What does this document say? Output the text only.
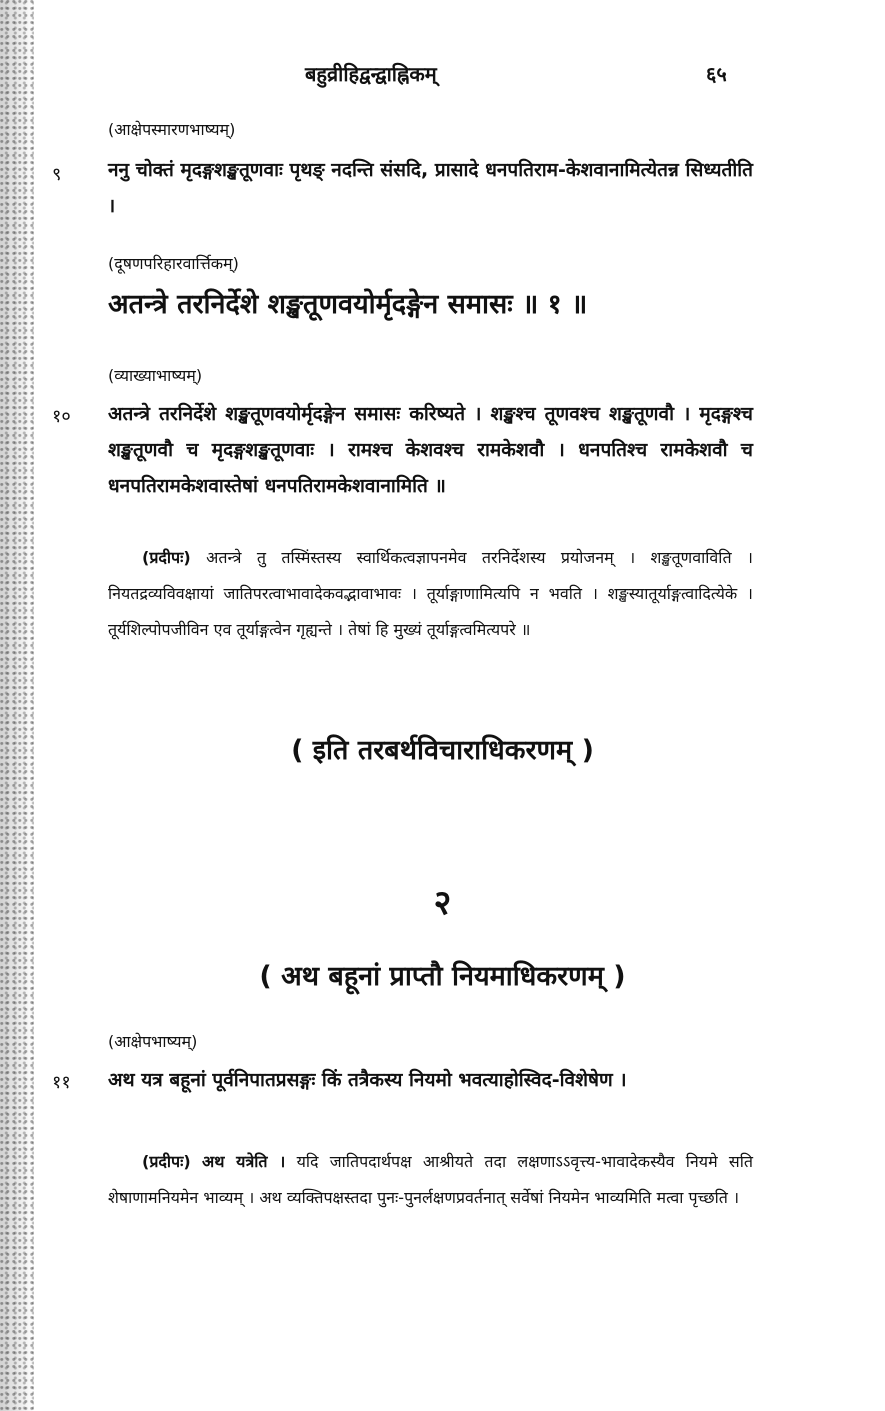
बहुव्रीहिद्वन्द्वाह्निकम्	६५
(आक्षेपस्मारणभाष्यम्)
९ ननु चोक्तं मृदङ्गशङ्खतूणवाः पृथङ् नदन्ति संसदि, प्रासादे धनपतिराम-केशवानामित्येतन्न सिध्यतीति ।
(दूषणपरिहारवार्त्तिकम्)
अतन्त्रे तरनिर्देशे शङ्खतूणवयोर्मृदङ्गेन समासः ॥ १ ॥
(व्याख्याभाष्यम्)
१० अतन्त्रे तरनिर्देशे शङ्खतूणवयोर्मृदङ्गेन समासः करिष्यते । शङ्खश्च तूणवश्च शङ्खतूणवौ । मृदङ्गश्च शङ्खतूणवौ च मृदङ्गशङ्खतूणवाः । रामश्च केशवश्च रामकेशवौ । धनपतिश्च रामकेशवौ च धनपतिरामकेशवास्तेषां धनपतिरामकेशवानामिति ॥
(प्रदीपः) अतन्त्रे तु तस्मिंस्तस्य स्वार्थिकत्वज्ञापनमेव तरनिर्देशस्य प्रयोजनम् । शङ्खतूणवाविति । नियतद्रव्यविवक्षायां जातिपरत्वाभावादेकवद्भावाभावः । तूर्याङ्गाणामित्यपि न भवति । शङ्खस्यातूर्याङ्गत्वादित्येके । तूर्यशिल्पोपजीविन एव तूर्याङ्गत्वेन गृह्यन्ते । तेषां हि मुख्यं तूर्याङ्गत्वमित्यपरे ॥
( इति तरबर्थविचाराधिकरणम् )
२
( अथ बहूनां प्राप्तौ नियमाधिकरणम् )
(आक्षेपभाष्यम्)
११ अथ यत्र बहूनां पूर्वनिपातप्रसङ्गः किं तत्रैकस्य नियमो भवत्याहोस्विद-विशेषेण ।
(प्रदीपः) अथ यत्रेति । यदि जातिपदार्थपक्ष आश्रीयते तदा लक्षणाऽऽवृत्त्य-भावादेकस्यैव नियमे सति शेषाणामनियमेन भाव्यम् । अथ व्यक्तिपक्षस्तदा पुनः-पुनर्लक्षणप्रवर्तनात् सर्वेषां नियमेन भाव्यमिति मत्वा पृच्छति ।
